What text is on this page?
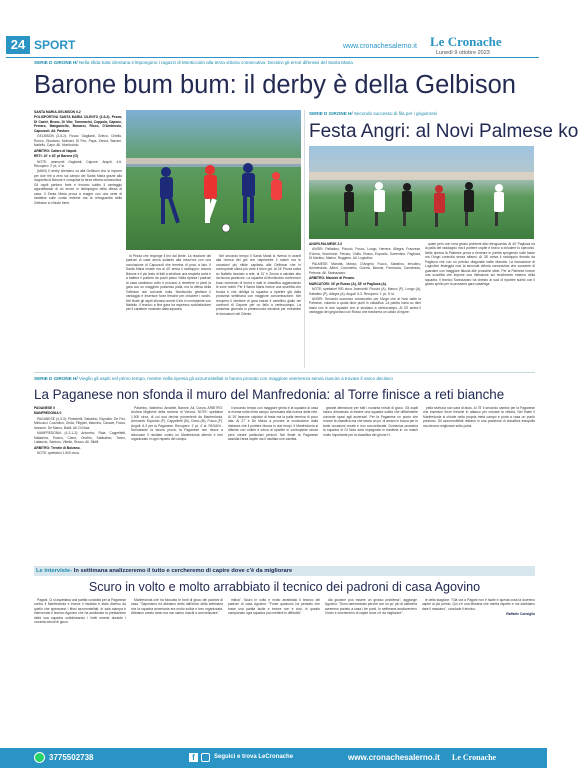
24 SPORT	www.cronachesalerno.it Le Cronache
Lunedì 9 ottobre 2023
SERIE D GIRONE H/ Nella sfida tutta cilentana s'impongono i ragazzi di Monticciolo alla terza vittoria consecutiva. Decisivi gli errori difensivi del Santa Maria
Barone bum bum: il derby è della Gelbison

SANTA MARIA-GELBISON 0-2

POLISPORTIVA SANTA MARIA CILENTO (3-5-2): Pezza; Di Castri, Bruno, Di Vito; Tommasini, Coppola, Capone, Ferraro, Manganiello, Bonacci, Ricco, D'Ambrosio, Capozzoli. All. Pastore.

GELBISON (3-5-2): Fusco; Gagliardi, Grieco, Ciriello, Ronzo, Giordano, Molinari, Di Feo, Papa, Zenna, Barone, Natiello, Capo. All. Monticciolo.

ARBITRO: Cafaro di Napoli.

RETI: 10' e 40' pt Barone (G)

NOTE: ammoniti Gagliardi, Capone. Angoli: 4-6. Recupero: 2' pt, 4' st.

(MAVI) Il derby cilentano va alla Gelbison che si impone per due reti a zero sul campo del Santa Maria grazie alla doppietta di Barone e conquista la terza vittoria consecutiva. Gli ospiti partono forte e trovano subito il vantaggio approfittando di un errore in disimpegno della difesa di casa. Il Santa Maria prova a reagire con una serie di iniziative sulle corsie esterne ma la retroguardia della Gelbison si chiude bene.

di Pezza che respinge il tiro dal limite. La reazione dei padroni di casa arriva soltanto alla mezz'ora con una conclusione di Capozzoli che termina di poco a lato. Il Santa Maria insiste ma al 40' arriva il raddoppio: ancora Barone è il più lesto di tutti a sfruttare una respinta corta e a battere il portiere da pochi passi. Nella ripresa i padroni di casa cambiano volto e provano a rimettere in piedi la gara con un maggiore possesso palla, ma la difesa della Gelbison non concede nulla. Monticciolo gestisce il vantaggio e inserisce forze fresche per chiudere i varchi. Nel finale gli ospiti sfiorano anche il tris in contropiede con Natiello. Il tecnico a fine gara ha espresso soddisfazione per il carattere mostrato dalla squadra.

Nel secondo tempo il Santa Maria si riversa in avanti alla ricerca del gol che riaprirebbe il match ma le occasioni più nitide capitano alla Gelbison che in contropiede sfiora più volte il terzo gol. Al 24' Pezza salva su Natiello lanciato a rete, al 31' è Zenna a calciare alto da buona posizione. La squadra di Monticciolo conferma il buon momento di forma e sale in classifica agganciando le zone nobili. Per il Santa Maria invece una sconfitta che brucia e che obbliga la squadra a ripartire già dalla prossima settimana con maggiore concentrazione. Nel recupero il direttore di gara estrae il cartellino giallo nei confronti di Capone per un fallo a centrocampo. La prossima giornata si preannuncia decisiva per entrambe le formazioni del Cilento.

SERIE D GIRONE H/ Secondo successo di fila per i grigiorossi
Festa Angri: al Novi Palmese ko

ANGRI-PALMESE 2-0

ANGRI: Palladino, Piccolo, Fusco, Longo, Herrera, Allegra, Franzese, D'Anna, Vecchione, Ferraro, Cirillo, Russo, Esposito, Sorrentino, Pagliuca, Di Martino, Marino, Ruggiero. All. Logiudice.

PALMESE: Marotta, Manzo, D'Angelo, Fuoco, Sabatino, Iervolino, Ammendola, Alfieri, Cucciniello, Guerra, Barone, Formicola, Carotenuto, Petrone. All. Sannazzaro.

ARBITRO: Mancini di Pesaro.

MARCATORI: 33' pt Russo (A), 38' st Pagliuca (A).

NOTE: spettatori 900 circa. Ammoniti: Piccolo (A), Manzo (P), Longo (A), Sabatino (P), Allegra (A). Angoli: 5-3. Recupero: 1' pt, 5' st.

ANGRI. Secondo successo consecutivo per l'Angri che al Novi batte la Palmese, volando a quota dieci punti in classifica. La partita inizia su ritmi bassi con le due squadre che si studiano a centrocampo. Al 33' arriva il vantaggio dei grigiorossi con Russo che trasforma un calcio di rigore.

quale però non crea grossi problemi alla retroguardia. Al 40' Pagliuca ha la palla del raddoppio ma il portiere ospite è bravo a chiudere lo specchio. Nella ripresa la Palmese prova a rientrare in partita spingendo sulle fasce ma l'Angri controlla senza affanni. Al 38' arriva il raddoppio firmato da Pagliuca che con un preciso diagonale batte Marotta. La formazione di Logiudice festeggia così la seconda vittoria consecutiva che consente di guardare con maggiore fiducia alle prossime sfide. Per la Palmese invece una sconfitta che impone una riflessione sul rendimento esterno della squadra. Il tecnico Sannazzaro ha chiesto ai suoi di ripartire subito con il giusto spirito per la prossima gara casalinga.

SERIE D GIRONE H/ Vieglio gli ospiti nel primo tempo, mentre nella ripresa gli azzurrostellati si hanno provato con maggiore veemenza senza riuscire a trovare il varco decisivo
La Paganese non sfonda il muro del Manfredonia: al Torre finisce a reti bianche

PAGANESE 0

MANFREDONIA 0

PAGANESE (4-3-3): Pinestrelli, Sabatino, Esposito, De Feo, Minicucci, Cozzolino, Onda, Filippini, Mancino, Cacace, Fusco, Iannone, De Marco, Baldi. All. Di Nola.

MANFREDONIA (4-3-1-2): Antonino, Raia, Cappelletti, Malaterra, Pucino, Ciano, Onofrio, Sabbatino, Torino, Lattanzio, Santoro, Vitiello, Russo. All. Sibilli.

ARBITRO: Trentin di Bolzano.

NOTE: spettatori 1.500 circa.

Palumbo, Valentino, Amabile, Barone, Ali, Conza. ARBITRO: Andrea Migliorini della sezione di Verona. NOTE: spettatori 1.500 circa, di cui una decina provenienti da Manfredonia. Ammoniti: Esposito (P), Cappelletti (M), Ciano (M), Fusco (P). Angoli: 6-3 per la Paganese. Recupero: 1' pt, 4' st. PAGANI - Nonostante la buona prova, la Paganese non riesce a sbloccare il risultato contro un Manfredonia attento e ben organizzato in ogni reparto del campo.

il secondo tempo con maggiore grinta e la squadra di casa si riversa nella metà campo avversaria alla ricerca della rete. Al 15' Iannone colpisce di testa ma la palla termina di poco alta. Al 27' è De Marco a provare la conclusione dalla distanza che il portiere blocca in due tempi. Il Manfredonia si difende con ordine e cerca di ripartire in contropiede senza però creare particolari pericoli. Nel finale la Paganese assedia l'area ospite ma il risultato non cambia.

grande attenzione per tutti i novanta minuti di gioco. Gli ospiti hanno dimostrato di essere una squadra solida che difficilmente concede spazi agli avversari. Per la Paganese un punto che muove la classifica ma che lascia un po' di amaro in bocca per le tante occasioni create e non concretizzate. Domenica prossima la squadra di Di Nola sarà impegnata in trasferta in un match molto importante per la classifica del girone H.

pella sfortuna non sarà di aiuto. Al 75' il secondo cambio per la Paganese che inserisce forze fresche in attacco per cercare la vittoria. Nel finale il Manfredonia si chiude nella propria metà campo e porta a casa un punto prezioso. Gli azzurrostellati restano in una posizione di classifica tranquilla ma devono migliorare sotto porta.

Le interviste- In settimana analizzeremo il tutto e cercheremo di capire dove c'è da migliorare
Scuro in volto e molto arrabbiato il tecnico dei padroni di casa Agovino

Pagani. Ci si aspettava una partita condotta per la Paganese contro il Manfredonia e invece il risultato è stato diverso da quello che speravano i tifosi azzurrostellati. In sala stampa è intervenuto il tecnico Agovino che ha analizzato la prestazione della sua squadra sottolineando i limiti emersi durante i novanta minuti di gioco.

Manfredonia che ha bloccato le fonti di gioco dei padroni di casa. "Sapevamo ed abbiamo detto dall'inizio della settimana che la squadra avversaria era molto solida e ben organizzata. Abbiamo creato tanto ma non siamo riusciti a concretizzare".

mitica". Scuro in volto e molto arrabbiato il tecnico dei padroni di casa Agovino: "Forse qualcuno ha pensato che fosse una partita facile e invece non è così, in questo campionato ogni squadra può metterti in difficoltà".

dia giovane può essere un grosso problema", aggiunge Agovino. "Sono rammaricato perché con un po' più di cattiveria avremmo portato a casa i tre punti. In settimana analizzeremo il tutto e cercheremo di capire dove c'è da migliorare".

le della stagione. "Già ora a Pagani non è facile e questa cosa la dovremo capire al più presto. Qui c'è una tifoseria che merita rispetto e noi dobbiamo dare il massimo", conclude il tecnico.

Raffaele Consiglio

3775502738	f	Seguici e trova LeCronache	www.cronachesalerno.it Le Cronache
